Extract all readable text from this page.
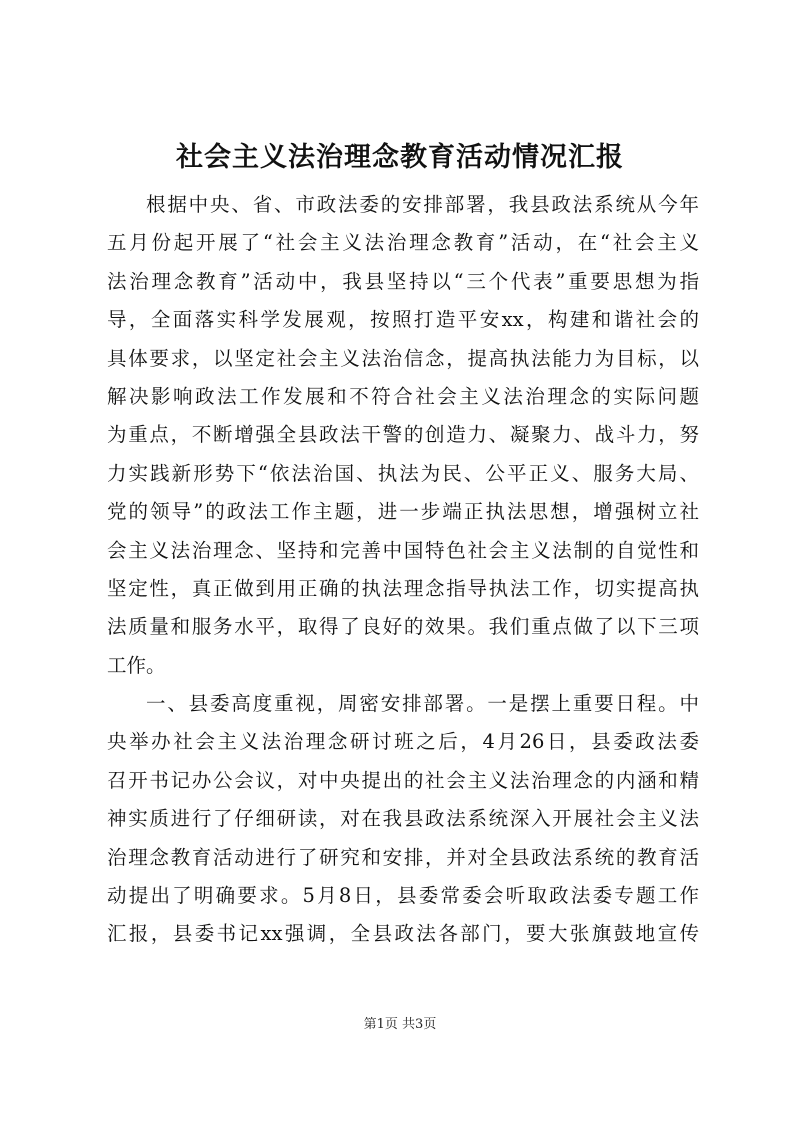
社会主义法治理念教育活动情况汇报
根据中央、省、市政法委的安排部署，我县政法系统从今年
五月份起开展了“社会主义法治理念教育”活动，在“社会主义
法治理念教育”活动中，我县坚持以“三个代表”重要思想为指
导，全面落实科学发展观，按照打造平安xx，构建和谐社会的
具体要求，以坚定社会主义法治信念，提高执法能力为目标，以
解决影响政法工作发展和不符合社会主义法治理念的实际问题
为重点，不断增强全县政法干警的创造力、凝聚力、战斗力，努
力实践新形势下“依法治国、执法为民、公平正义、服务大局、
党的领导”的政法工作主题，进一步端正执法思想，增强树立社
会主义法治理念、坚持和完善中国特色社会主义法制的自觉性和
坚定性，真正做到用正确的执法理念指导执法工作，切实提高执
法质量和服务水平，取得了良好的效果。我们重点做了以下三项
工作。
一、县委高度重视，周密安排部署。一是摆上重要日程。中
央举办社会主义法治理念研讨班之后，4月26日，县委政法委
召开书记办公会议，对中央提出的社会主义法治理念的内涵和精
神实质进行了仔细研读，对在我县政法系统深入开展社会主义法
治理念教育活动进行了研究和安排，并对全县政法系统的教育活
动提出了明确要求。5月8日，县委常委会听取政法委专题工作
汇报，县委书记xx强调，全县政法各部门，要大张旗鼓地宣传
第1页 共3页
